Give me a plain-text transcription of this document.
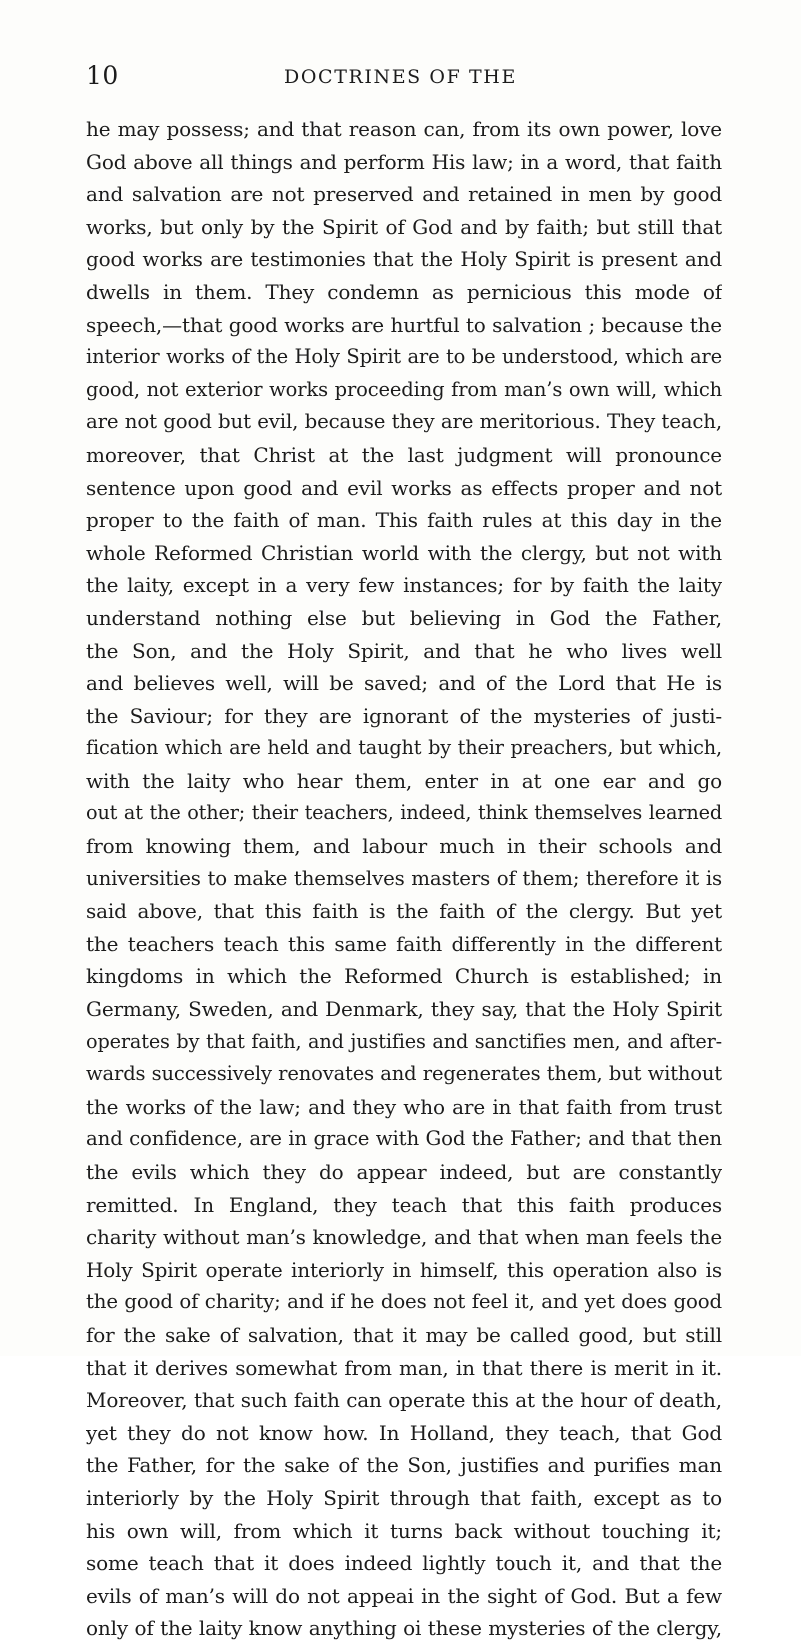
10	DOCTRINES OF THE
he may possess; and that reason can, from its own power, love
God above all things and perform His law; in a word, that faith
and salvation are not preserved and retained in men by good
works, but only by the Spirit of God and by faith; but still that
good works are testimonies that the Holy Spirit is present and
dwells in them. They condemn as pernicious this mode of
speech,—that good works are hurtful to salvation ; because the
interior works of the Holy Spirit are to be understood, which are
good, not exterior works proceeding from man’s own will, which
are not good but evil, because they are meritorious. They teach,
moreover, that Christ at the last judgment will pronounce
sentence upon good and evil works as effects proper and not
proper to the faith of man. This faith rules at this day in the
whole Reformed Christian world with the clergy, but not with
the laity, except in a very few instances; for by faith the laity
understand nothing else but believing in God the Father,
the Son, and the Holy Spirit, and that he who lives well
and believes well, will be saved; and of the Lord that He is
the Saviour; for they are ignorant of the mysteries of justi-
fication which are held and taught by their preachers, but which,
with the laity who hear them, enter in at one ear and go
out at the other; their teachers, indeed, think themselves learned
from knowing them, and labour much in their schools and
universities to make themselves masters of them; therefore it is
said above, that this faith is the faith of the clergy. But yet
the teachers teach this same faith differently in the different
kingdoms in which the Reformed Church is established; in
Germany, Sweden, and Denmark, they say, that the Holy Spirit
operates by that faith, and justifies and sanctifies men, and after-
wards successively renovates and regenerates them, but without
the works of the law; and they who are in that faith from trust
and confidence, are in grace with God the Father; and that then
the evils which they do appear indeed, but are constantly
remitted. In England, they teach that this faith produces
charity without man’s knowledge, and that when man feels the
Holy Spirit operate interiorly in himself, this operation also is
the good of charity; and if he does not feel it, and yet does good
for the sake of salvation, that it may be called good, but still
that it derives somewhat from man, in that there is merit in it.
Moreover, that such faith can operate this at the hour of death,
yet they do not know how. In Holland, they teach, that God
the Father, for the sake of the Son, justifies and purifies man
interiorly by the Holy Spirit through that faith, except as to
his own will, from which it turns back without touching it;
some teach that it does indeed lightly touch it, and that the
evils of man’s will do not appeai in the sight of God. But a few
only of the laity know anything oi these mysteries of the clergy,
